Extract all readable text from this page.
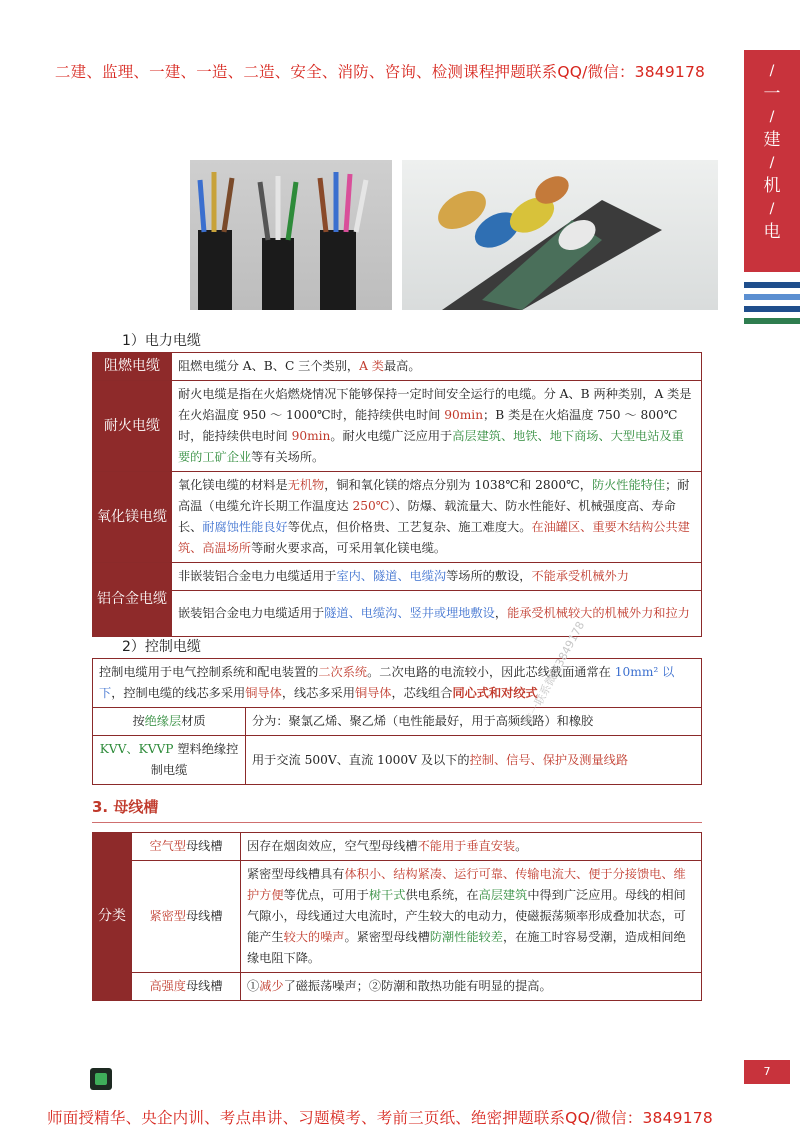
二建、监理、一建、一造、二造、安全、消防、咨询、检测课程押题联系QQ/微信：3849178	/
一
/
建
/
机
/
电
1）电力电缆
阻燃电缆	阻燃电缆分 A、B、C 三个类别，A 类最高。
耐火电缆	耐火电缆是指在火焰燃烧情况下能够保持一定时间安全运行的电缆。分 A、B 两种类别，A 类是在火焰温度 950 ～ 1000℃时，能持续供电时间 90min；B 类是在火焰温度 750 ～ 800℃时，能持续供电时间 90min。耐火电缆广泛应用于高层建筑、地铁、地下商场、大型电站及重要的工矿企业等有关场所。
氧化镁电缆	氧化镁电缆的材料是无机物，铜和氧化镁的熔点分别为 1038℃和 2800℃，防火性能特佳；耐高温（电缆允许长期工作温度达 250℃）、防爆、载流量大、防水性能好、机械强度高、寿命长、耐腐蚀性能良好等优点，但价格贵、工艺复杂、施工难度大。在油罐区、重要木结构公共建筑、高温场所等耐火要求高，可采用氧化镁电缆。
铝合金电缆	非嵌装铝合金电力电缆适用于室内、隧道、电缆沟等场所的敷设，不能承受机械外力
	嵌装铝合金电力电缆适用于隧道、电缆沟、竖井或埋地敷设，能承受机械较大的机械外力和拉力
2）控制电缆
控制电缆用于电气控制系统和配电装置的二次系统。二次电路的电流较小，因此芯线截面通常在 10mm² 以下，控制电缆的线芯多采用铜导体，线芯多采用铜导体，芯线组合同心式和对绞式	
按绝缘层材质	分为：聚氯乙烯、聚乙烯（电性能最好，用于高频线路）和橡胶
KVV、KVVP 塑料绝缘控制电缆	用于交流 500V、直流 1000V 及以下的控制、信号、保护及测量线路
3. 母线槽
分类	空气型母线槽	因存在烟囱效应，空气型母线槽不能用于垂直安装。
	紧密型母线槽	紧密型母线槽具有体积小、结构紧凑、运行可靠、传输电流大、便于分接馈电、维护方便等优点，可用于树干式供电系统，在高层建筑中得到广泛应用。母线的相间气隙小，母线通过大电流时，产生较大的电动力，使磁振荡频率形成叠加状态，可能产生较大的噪声。紧密型母线槽防潮性能较差，在施工时容易受潮，造成相间绝缘电阻下降。
	高强度母线槽	①减少了磁振荡噪声；②防潮和散热功能有明显的提高。
唯一联系微信3849178
7
师面授精华、央企内训、考点串讲、习题模考、考前三页纸、绝密押题联系QQ/微信：3849178
